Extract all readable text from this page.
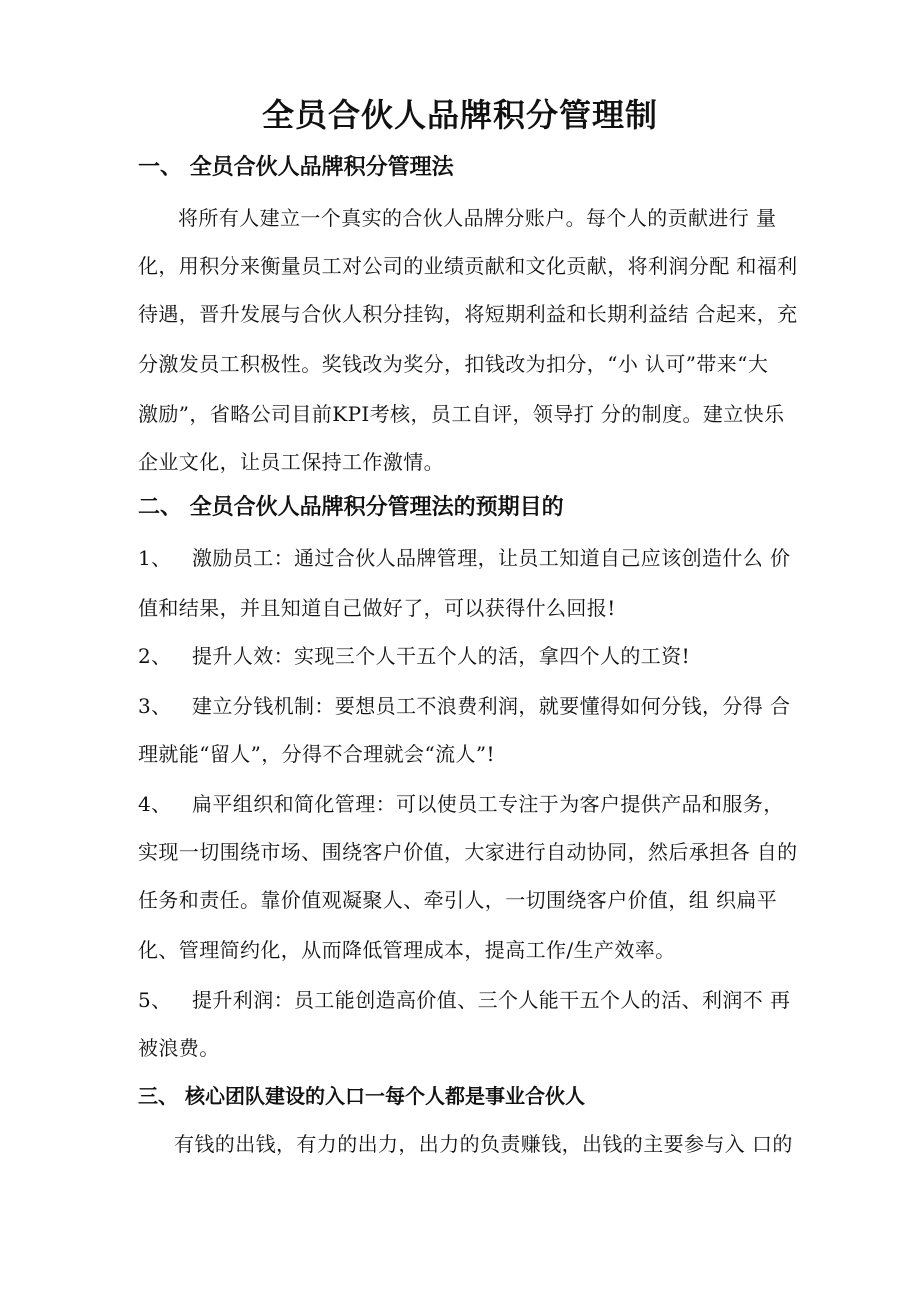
全员合伙人品牌积分管理制
一、 全员合伙人品牌积分管理法
将所有人建立一个真实的合伙人品牌分账户。每个人的贡献进行 量
化，用积分来衡量员工对公司的业绩贡献和文化贡献，将利润分配 和福利
待遇，晋升发展与合伙人积分挂钩，将短期利益和长期利益结 合起来，充
分激发员工积极性。奖钱改为奖分，扣钱改为扣分，“小 认可”带来“大
激励”，省略公司目前KPI考核，员工自评，领导打 分的制度。建立快乐
企业文化，让员工保持工作激情。
二、 全员合伙人品牌积分管理法的预期目的
1、 激励员工：通过合伙人品牌管理，让员工知道自己应该创造什么 价
值和结果，并且知道自己做好了，可以获得什么回报!
2、 提升人效：实现三个人干五个人的活，拿四个人的工资!
3、 建立分钱机制：要想员工不浪费利润，就要懂得如何分钱，分得 合
理就能“留人”，分得不合理就会“流人”!
4、 扁平组织和简化管理：可以使员工专注于为客户提供产品和服务，
实现一切围绕市场、围绕客户价值，大家进行自动协同，然后承担各 自的
任务和责任。靠价值观凝聚人、牵引人，一切围绕客户价值，组 织扁平
化、管理简约化，从而降低管理成本，提高工作/生产效率。
5、 提升利润：员工能创造高价值、三个人能干五个人的活、利润不 再
被浪费。
三、 核心团队建设的入口一每个人都是事业合伙人
有钱的出钱，有力的出力，出力的负责赚钱，出钱的主要参与入 口的
